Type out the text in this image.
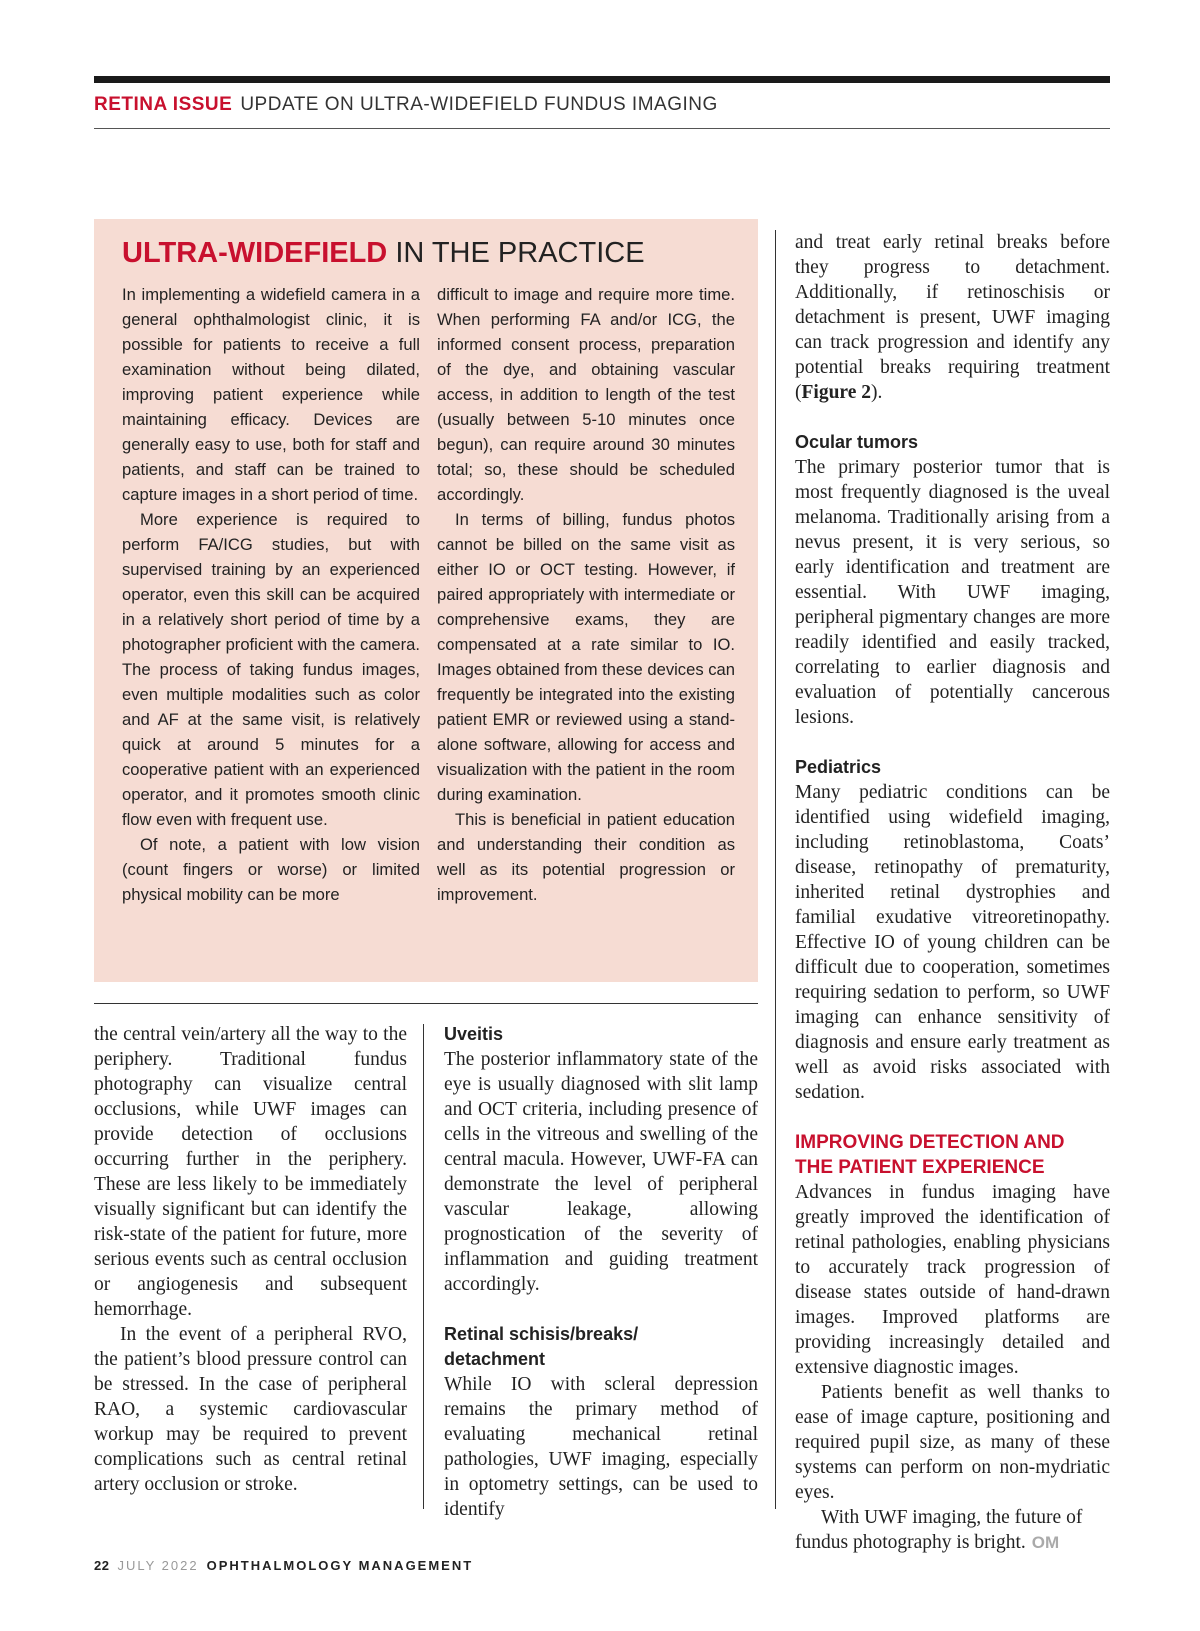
RETINA ISSUE UPDATE ON ULTRA-WIDEFIELD FUNDUS IMAGING
ULTRA-WIDEFIELD IN THE PRACTICE

In implementing a widefield camera in a general ophthalmologist clinic, it is possible for patients to receive a full examination without being dilated, improving patient experience while maintaining efficacy. Devices are generally easy to use, both for staff and patients, and staff can be trained to capture images in a short period of time.

More experience is required to perform FA/ICG studies, but with supervised training by an experienced operator, even this skill can be acquired in a relatively short period of time by a photographer proficient with the camera. The process of taking fundus images, even multiple modalities such as color and AF at the same visit, is relatively quick at around 5 minutes for a cooperative patient with an experienced operator, and it promotes smooth clinic flow even with frequent use.

Of note, a patient with low vision (count fingers or worse) or limited physical mobility can be more

difficult to image and require more time. When performing FA and/or ICG, the informed consent process, preparation of the dye, and obtaining vascular access, in addition to length of the test (usually between 5-10 minutes once begun), can require around 30 minutes total; so, these should be scheduled accordingly.

In terms of billing, fundus photos cannot be billed on the same visit as either IO or OCT testing. However, if paired appropriately with intermediate or comprehensive exams, they are compensated at a rate similar to IO. Images obtained from these devices can frequently be integrated into the existing patient EMR or reviewed using a stand-alone software, allowing for access and visualization with the patient in the room during examination.

This is beneficial in patient education and understanding their condition as well as its potential progression or improvement.

the central vein/artery all the way to the periphery. Traditional fundus photography can visualize central occlusions, while UWF images can provide detection of occlusions occurring further in the periphery. These are less likely to be immediately visually significant but can identify the risk-state of the patient for future, more serious events such as central occlusion or angiogenesis and subsequent hemorrhage.

In the event of a peripheral RVO, the patient’s blood pressure control can be stressed. In the case of peripheral RAO, a systemic cardiovascular workup may be required to prevent complications such as central retinal artery occlusion or stroke.

Uveitis

The posterior inflammatory state of the eye is usually diagnosed with slit lamp and OCT criteria, including presence of cells in the vitreous and swelling of the central macula. However, UWF-FA can demonstrate the level of peripheral vascular leakage, allowing prognostication of the severity of inflammation and guiding treatment accordingly.

Retinal schisis/breaks/
detachment

While IO with scleral depression remains the primary method of evaluating mechanical retinal pathologies, UWF imaging, especially in optometry settings, can be used to identify

and treat early retinal breaks before they progress to detachment. Additionally, if retinoschisis or detachment is present, UWF imaging can track progression and identify any potential breaks requiring treatment (Figure 2).

Ocular tumors

The primary posterior tumor that is most frequently diagnosed is the uveal melanoma. Traditionally arising from a nevus present, it is very serious, so early identification and treatment are essential. With UWF imaging, peripheral pigmentary changes are more readily identified and easily tracked, correlating to earlier diagnosis and evaluation of potentially cancerous lesions.

Pediatrics

Many pediatric conditions can be identified using widefield imaging, including retinoblastoma, Coats’ disease, retinopathy of prematurity, inherited retinal dystrophies and familial exudative vitreoretinopathy. Effective IO of young children can be difficult due to cooperation, sometimes requiring sedation to perform, so UWF imaging can enhance sensitivity of diagnosis and ensure early treatment as well as avoid risks associated with sedation.

IMPROVING DETECTION AND
THE PATIENT EXPERIENCE

Advances in fundus imaging have greatly improved the identification of retinal pathologies, enabling physicians to accurately track progression of disease states outside of hand-drawn images. Improved platforms are providing increasingly detailed and extensive diagnostic images.

Patients benefit as well thanks to ease of image capture, positioning and required pupil size, as many of these systems can perform on non-mydriatic eyes.

With UWF imaging, the future of fundus photography is bright. OM

22 JULY 2022 OPHTHALMOLOGY MANAGEMENT
